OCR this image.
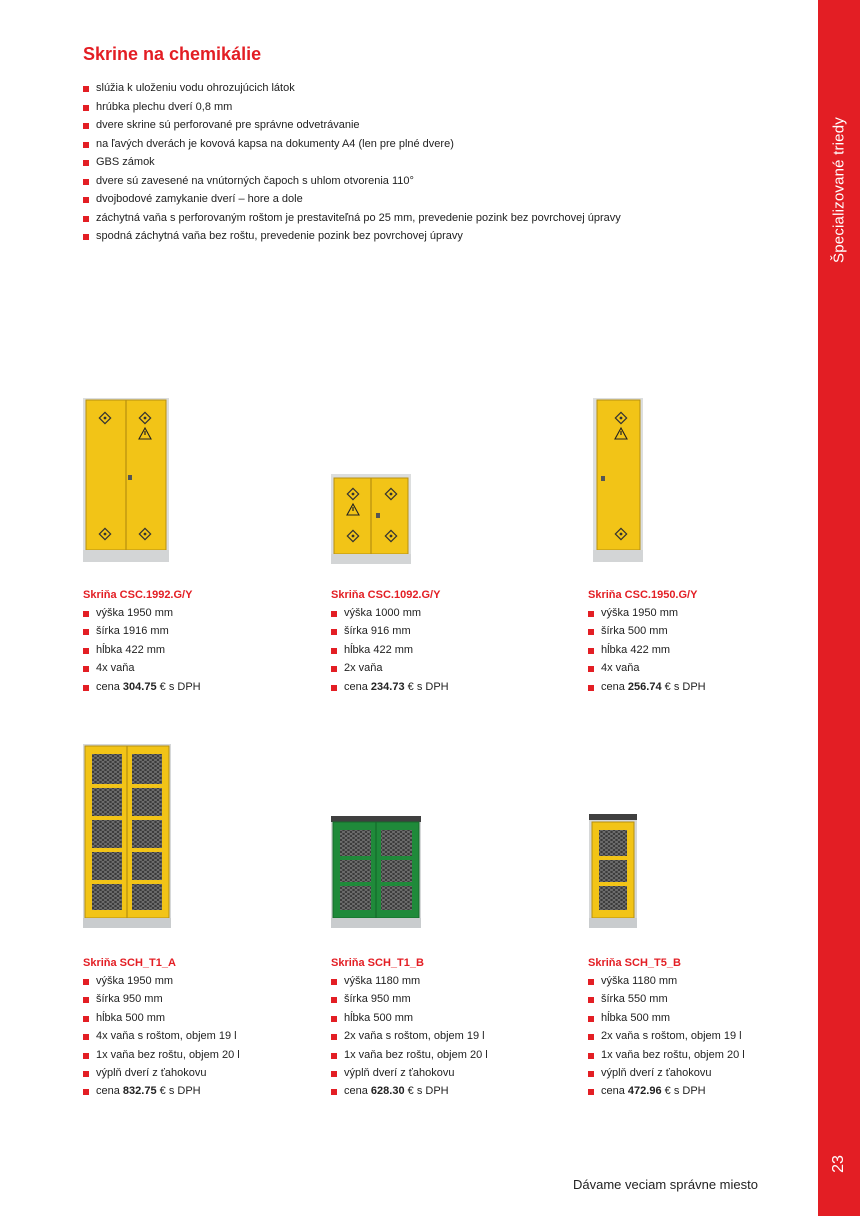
Špecializované triedy
23
Skrine na chemikálie
slúžia k uloženiu vodu ohrozujúcich látok
hrúbka plechu dverí 0,8 mm
dvere skrine sú perforované pre správne odvetrávanie
na ľavých dverách je kovová kapsa na dokumenty A4 (len pre plné dvere)
GBS zámok
dvere sú zavesené na vnútorných čapoch s uhlom otvorenia 110°
dvojbodové zamykanie dverí – hore a dole
záchytná vaňa s perforovaným roštom je prestaviteľná po 25 mm, prevedenie pozink bez povrchovej úpravy
spodná záchytná vaňa bez roštu, prevedenie pozink bez povrchovej úpravy
Skriňa CSC.1992.G/Y
výška 1950 mm
šírka 1916 mm
hĺbka 422 mm
4x vaňa
cena 304.75 € s DPH
Skriňa CSC.1092.G/Y
výška 1000 mm
šírka 916 mm
hĺbka 422 mm
2x vaňa
cena 234.73 € s DPH
Skriňa CSC.1950.G/Y
výška 1950 mm
šírka 500 mm
hĺbka 422 mm
4x vaňa
cena 256.74 € s DPH
Skriňa SCH_T1_A
výška 1950 mm
šírka 950 mm
hĺbka 500 mm
4x vaňa s roštom, objem 19 l
1x vaňa bez roštu, objem 20 l
výplň dverí z ťahokovu
cena 832.75 € s DPH
Skriňa SCH_T1_B
výška 1180 mm
šírka 950 mm
hĺbka 500 mm
2x vaňa s roštom, objem 19 l
1x vaňa bez roštu, objem 20 l
výplň dverí z ťahokovu
cena 628.30 € s DPH
Skriňa SCH_T5_B
výška 1180 mm
šírka 550 mm
hĺbka 500 mm
2x vaňa s roštom, objem 19 l
1x vaňa bez roštu, objem 20 l
výplň dverí z ťahokovu
cena 472.96 € s DPH
Dávame veciam správne miesto
